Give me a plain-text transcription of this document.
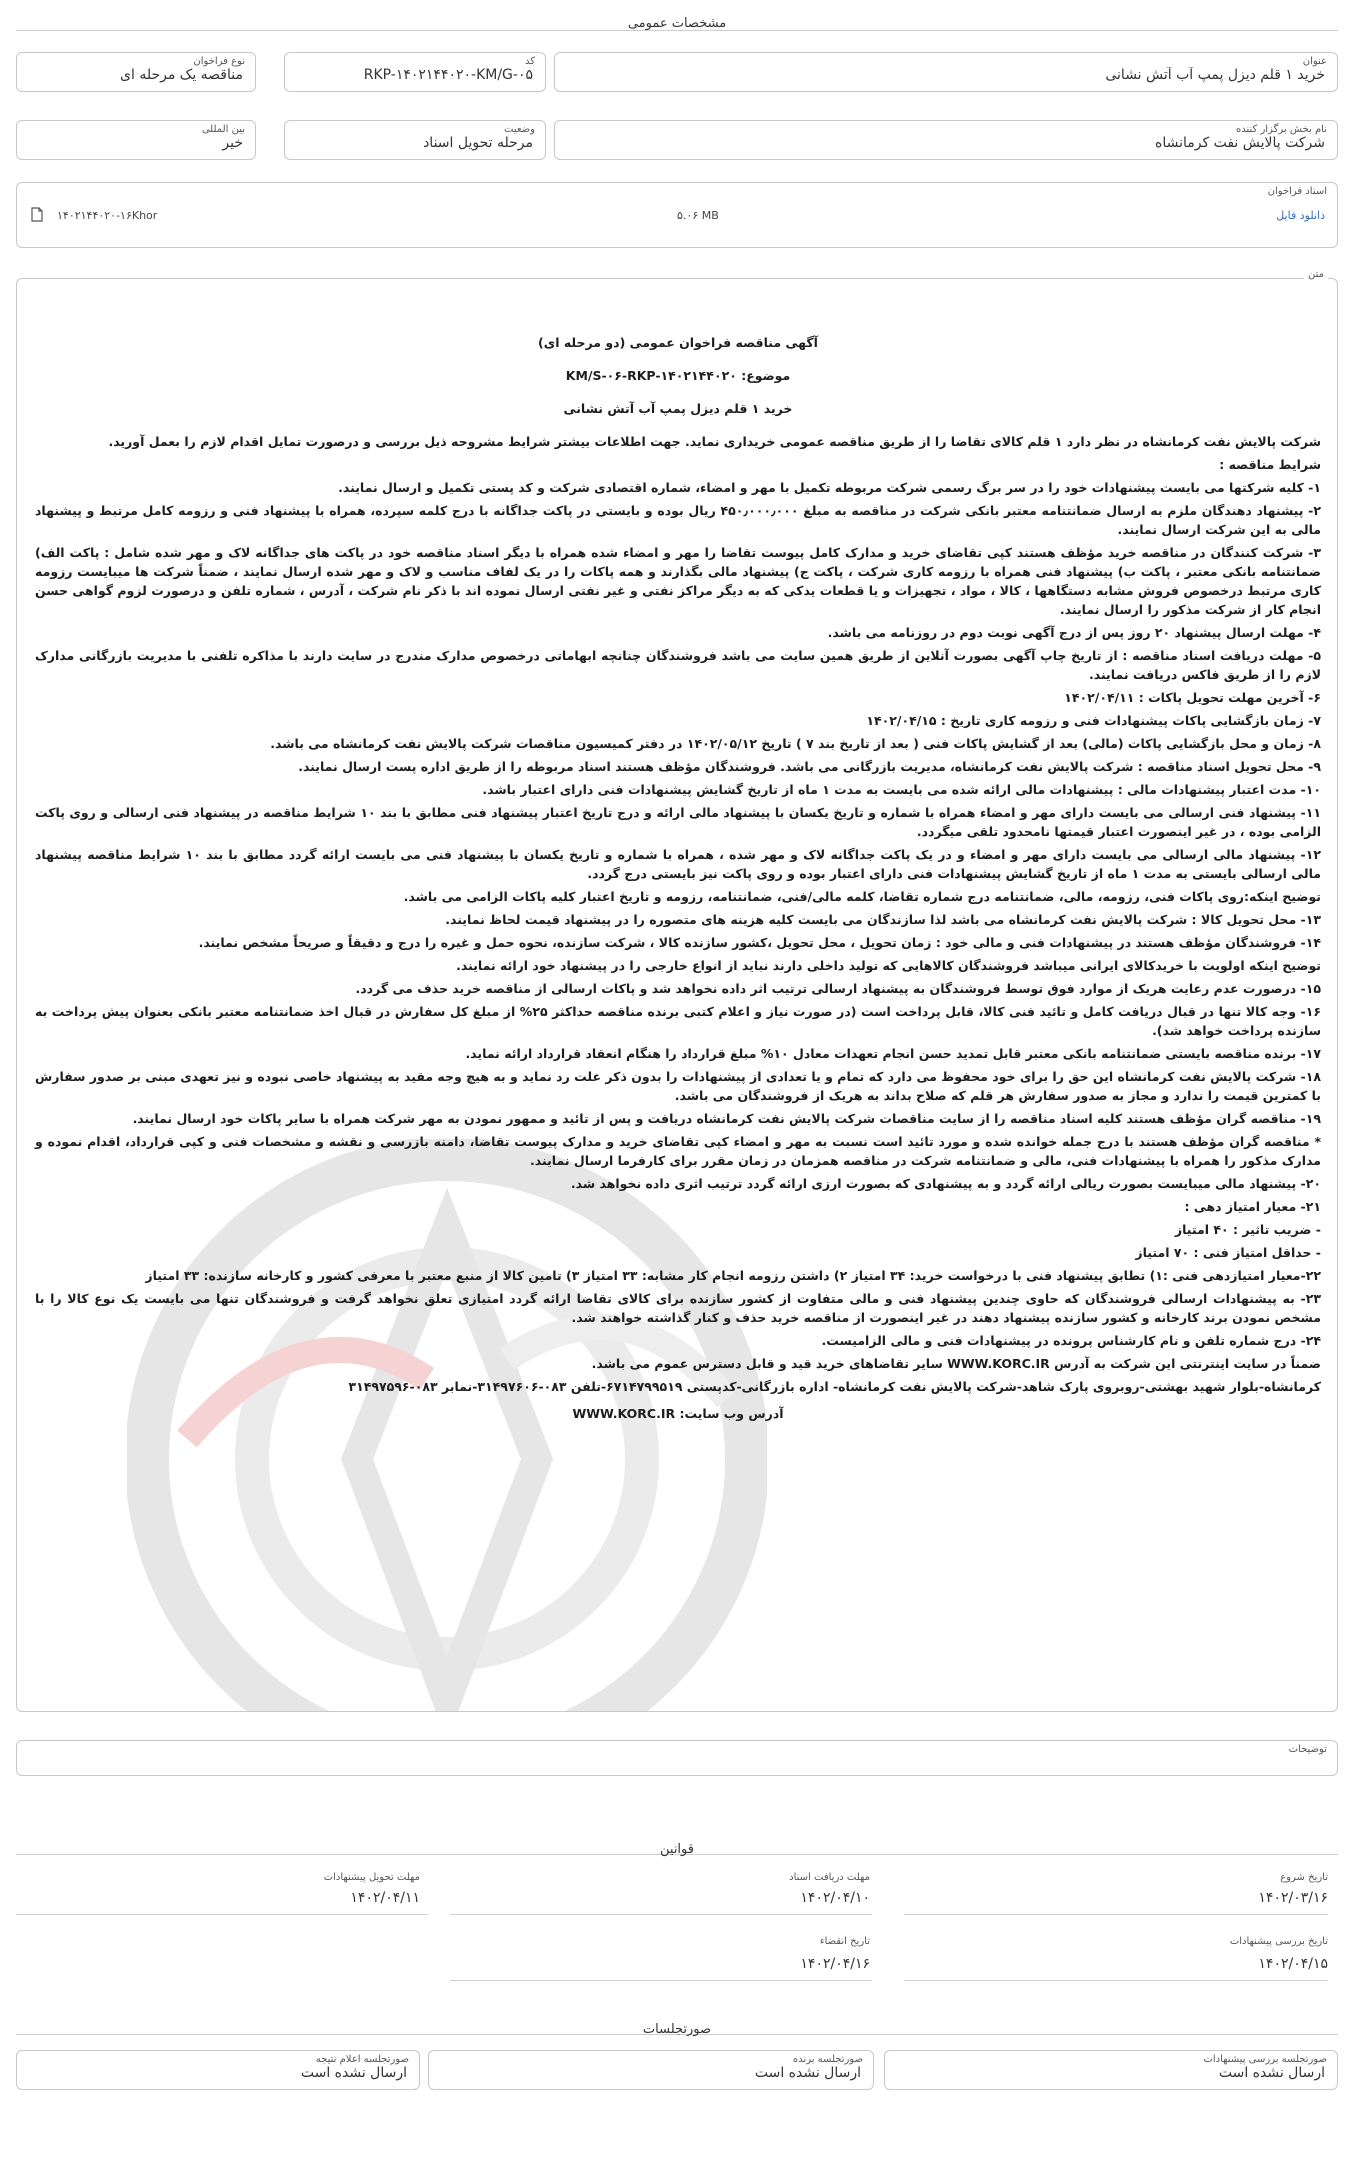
مشخصات عمومی
عنوان
خرید ۱ قلم دیزل پمپ آب آتش نشانی
کد
RKP-۱۴۰۲۱۴۴۰۲۰-KM/G-۰۵
نوع فراخوان
مناقصه یک مرحله ای
نام بخش برگزار کننده
شرکت پالایش نفت کرمانشاه
وضعیت
مرحله تحویل اسناد
بین المللی
خیر
اسناد فراخوان
دانلود فایل
۵.۰۶ MB
۱۴۰۲۱۴۴۰۲۰-۱۶Khor
متن

آگهی مناقصه فراخوان عمومی (دو مرحله ای)

موضوع: KM/S-۰۶-RKP-۱۴۰۲۱۴۴۰۲۰

خرید ۱ قلم دیزل پمپ آب آتش نشانی

شرکت پالایش نفت کرمانشاه در نظر دارد ۱ قلم کالای تقاضا را از طریق مناقصه عمومی خریداری نماید. جهت اطلاعات بیشتر شرایط مشروحه ذیل بررسی و درصورت تمایل اقدام لازم را بعمل آورید.

شرایط مناقصه :

۱- کلیه شرکتها می بایست پیشنهادات خود را در سر برگ رسمی شرکت مربوطه تکمیل با مهر و امضاء، شماره اقتصادی شرکت و کد پستی تکمیل و ارسال نمایند.

۲- پیشنهاد دهندگان ملزم به ارسال ضمانتنامه معتبر بانکی شرکت در مناقصه به مبلغ ۴۵۰٫۰۰۰٫۰۰۰ ریال بوده و بایستی در پاکت جداگانه با درج کلمه سپرده، همراه با پیشنهاد فنی و رزومه کامل مرتبط و پیشنهاد مالی به این شرکت ارسال نمایند.

۳- شرکت کنندگان در مناقصه خرید مؤظف هستند کپی تقاضای خرید و مدارک کامل پیوست تقاضا را مهر و امضاء شده همراه با دیگر اسناد مناقصه خود در پاکت های جداگانه لاک و مهر شده شامل : پاکت الف) ضمانتنامه بانکی معتبر ، پاکت ب) پیشنهاد فنی همراه با رزومه کاری شرکت ، پاکت ج) پیشنهاد مالی بگذارند و همه پاکات را در یک لفاف مناسب و لاک و مهر شده ارسال نمایند ، ضمناً شرکت ها میبایست رزومه کاری مرتبط درخصوص فروش مشابه دستگاهها ، کالا ، مواد ، تجهیزات و یا قطعات یدکی که به دیگر مراکز نفتی و غیر نفتی ارسال نموده اند با ذکر نام شرکت ، آدرس ، شماره تلفن و درصورت لزوم گواهی حسن انجام کار از شرکت مذکور را ارسال نمایند.

۴- مهلت ارسال پیشنهاد ۲۰ روز پس از درج آگهی نوبت دوم در روزنامه می باشد.

۵- مهلت دریافت اسناد مناقصه : از تاریخ چاپ آگهی بصورت آنلاین از طریق همین سایت می باشد فروشندگان چنانچه ابهاماتی درخصوص مدارک مندرج در سایت دارند با مذاکره تلفنی با مدیریت بازرگانی مدارک لازم را از طریق فاکس دریافت نمایند.

۶- آخرین مهلت تحویل پاکات : ۱۴۰۲/۰۴/۱۱

۷- زمان بازگشایی پاکات پیشنهادات فنی و رزومه کاری تاریخ : ۱۴۰۲/۰۴/۱۵

۸- زمان و محل بازگشایی پاکات (مالی) بعد از گشایش پاکات فنی ( بعد از تاریخ بند ۷ ) تاریخ ۱۴۰۲/۰۵/۱۲ در دفتر کمیسیون مناقصات شرکت پالایش نفت کرمانشاه می باشد.

۹- محل تحویل اسناد مناقصه : شرکت پالایش نفت کرمانشاه، مدیریت بازرگانی می باشد. فروشندگان مؤظف هستند اسناد مربوطه را از طریق اداره پست ارسال نمایند.

۱۰- مدت اعتبار پیشنهادات مالی : پیشنهادات مالی ارائه شده می بایست به مدت ۱ ماه از تاریخ گشایش پیشنهادات فنی دارای اعتبار باشد.

۱۱- پیشنهاد فنی ارسالی می بایست دارای مهر و امضاء همراه با شماره و تاریخ یکسان با پیشنهاد مالی ارائه و درج تاریخ اعتبار پیشنهاد فنی مطابق با بند ۱۰ شرایط مناقصه در پیشنهاد فنی ارسالی و روی پاکت الزامی بوده ، در غیر اینصورت اعتبار قیمتها نامحدود تلقی میگردد.

۱۲- پیشنهاد مالی ارسالی می بایست دارای مهر و امضاء و در یک پاکت جداگانه لاک و مهر شده ، همراه با شماره و تاریخ یکسان با پیشنهاد فنی می بایست ارائه گردد مطابق با بند ۱۰ شرایط مناقصه پیشنهاد مالی ارسالی بایستی به مدت ۱ ماه از تاریخ گشایش پیشنهادات فنی دارای اعتبار بوده و روی پاکت نیز بایستی درج گردد.

توضیح اینکه:روی پاکات فنی، رزومه، مالی، ضمانتنامه درج شماره تقاضا، کلمه مالی/فنی، ضمانتنامه، رزومه و تاریخ اعتبار کلیه پاکات الزامی می باشد.

۱۳- محل تحویل کالا : شرکت پالایش نفت کرمانشاه می باشد لذا سازندگان می بایست کلیه هزینه های متصوره را در پیشنهاد قیمت لحاظ نمایند.

۱۴- فروشندگان مؤظف هستند در پیشنهادات فنی و مالی خود : زمان تحویل ، محل تحویل ،کشور سازنده کالا ، شرکت سازنده، نحوه حمل و غیره را درج و دقیقاً و صریحاً مشخص نمایند.

توضیح اینکه اولویت با خریدکالای ایرانی میباشد فروشندگان کالاهایی که تولید داخلی دارند نباید از انواع خارجی را در پیشنهاد خود ارائه نمایند.

۱۵- درصورت عدم رعایت هریک از موارد فوق توسط فروشندگان به پیشنهاد ارسالی ترتیب اثر داده نخواهد شد و پاکات ارسالی از مناقصه خرید حذف می گردد.

۱۶- وجه کالا تنها در قبال دریافت کامل و تائید فنی کالا، قابل پرداخت است (در صورت نیاز و اعلام کتبی برنده مناقصه حداکثر ۲۵% از مبلغ کل سفارش در قبال اخذ ضمانتنامه معتبر بانکی بعنوان پیش پرداخت به سازنده پرداخت خواهد شد).

۱۷- برنده مناقصه بایستی ضمانتنامه بانکی معتبر قابل تمدید حسن انجام تعهدات معادل ۱۰% مبلغ قرارداد را هنگام انعقاد قرارداد ارائه نماید.

۱۸- شرکت پالایش نفت کرمانشاه این حق را برای خود محفوظ می دارد که تمام و یا تعدادی از پیشنهادات را بدون ذکر علت رد نماید و به هیچ وجه مقید به پیشنهاد خاصی نبوده و نیز تعهدی مبنی بر صدور سفارش با کمترین قیمت را ندارد و مجاز به صدور سفارش هر قلم که صلاح بداند به هریک از فروشندگان می باشد.

۱۹- مناقصه گران مؤظف هستند کلیه اسناد مناقصه را از سایت مناقصات شرکت پالایش نفت کرمانشاه دریافت و پس از تائید و ممهور نمودن به مهر شرکت همراه با سایر پاکات خود ارسال نمایند.

* مناقصه گران مؤظف هستند با درج جمله خوانده شده و مورد تائید است نسبت به مهر و امضاء کپی تقاضای خرید و مدارک پیوست تقاضا، دامنه بازرسی و نقشه و مشخصات فنی و کپی قرارداد، اقدام نموده و مدارک مذکور را همراه با پیشنهادات فنی، مالی و ضمانتنامه شرکت در مناقصه همزمان در زمان مقرر برای کارفرما ارسال نمایند.

۲۰- پیشنهاد مالی میبایست بصورت ریالی ارائه گردد و به پیشنهادی که بصورت ارزی ارائه گردد ترتیب اثری داده نخواهد شد.

۲۱- معیار امتیاز دهی :

- ضریب تاثیر : ۴۰ امتیاز

- حداقل امتیاز فنی : ۷۰ امتیاز

۲۲-معیار امتیازدهی فنی :۱) تطابق پیشنهاد فنی با درخواست خرید: ۳۴ امتیاز ۲) داشتن رزومه انجام کار مشابه: ۳۳ امتیاز ۳) تامین کالا از منبع معتبر با معرفی کشور و کارخانه سازنده: ۳۳ امتیاز

۲۳- به پیشنهادات ارسالی فروشندگان که حاوی چندین پیشنهاد فنی و مالی متفاوت از کشور سازنده برای کالای تقاضا ارائه گردد امتیازی تعلق نخواهد گرفت و فروشندگان تنها می بایست یک نوع کالا را با مشخص نمودن برند کارخانه و کشور سازنده پیشنهاد دهند در غیر اینصورت از مناقصه خرید حذف و کنار گذاشته خواهند شد.

۲۴- درج شماره تلفن و نام کارشناس پرونده در پیشنهادات فنی و مالی الزامیست.

ضمناً در سایت اینترنتی این شرکت به آدرس WWW.KORC.IR سایر تقاضاهای خرید قید و قابل دسترس عموم می باشد.

کرمانشاه-بلوار شهید بهشتی-روبروی پارک شاهد-شرکت پالایش نفت کرمانشاه- اداره بازرگانی-کدپستی ۶۷۱۴۷۹۹۵۱۹-تلفن ۰۸۳-۳۱۴۹۷۶۰۶-نمابر ۰۸۳-۳۱۴۹۷۵۹۶

آدرس وب سایت: WWW.KORC.IR

توضیحات
قوانین
تاریخ شروع
۱۴۰۲/۰۳/۱۶
مهلت دریافت اسناد
۱۴۰۲/۰۴/۱۰
مهلت تحویل پیشنهادات
۱۴۰۲/۰۴/۱۱
تاریخ بررسی پیشنهادات
۱۴۰۲/۰۴/۱۵
تاریخ انقضاء
۱۴۰۲/۰۴/۱۶
صورتجلسات
صورتجلسه بررسی پیشنهادات
ارسال نشده است
صورتجلسه برنده
ارسال نشده است
صورتجلسه اعلام نتیجه
ارسال نشده است
